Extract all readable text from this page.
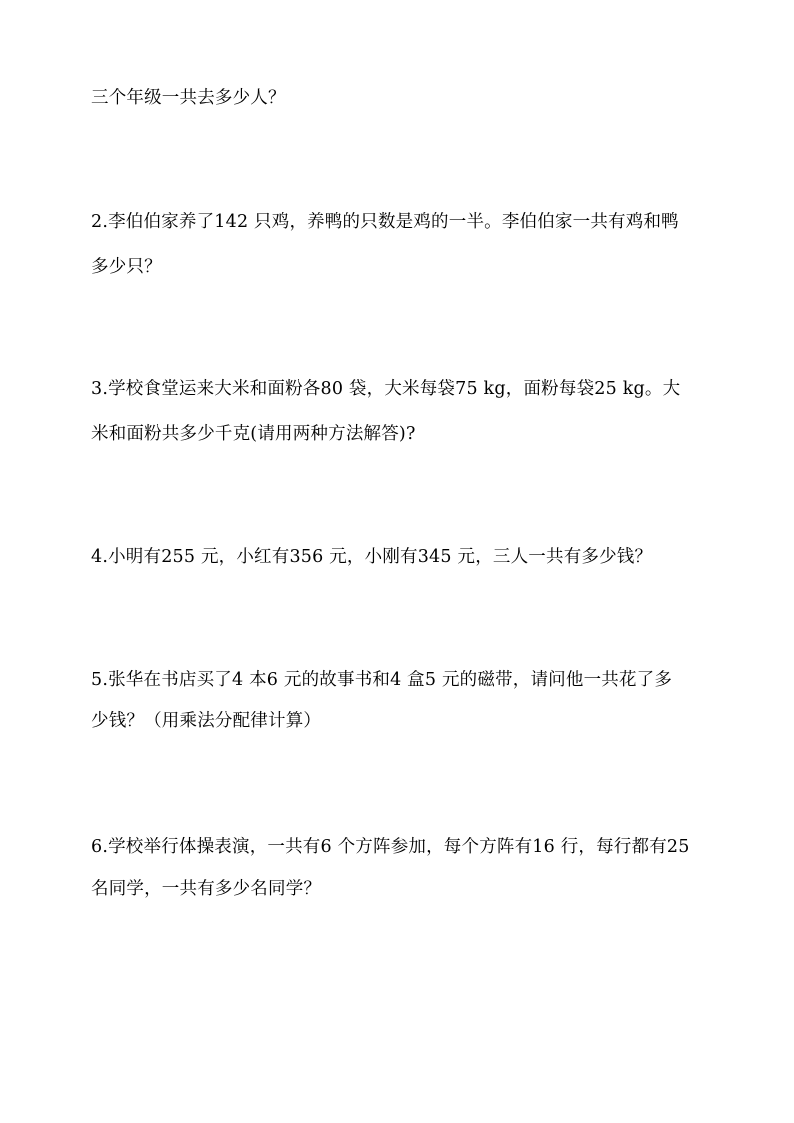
三个年级一共去多少人？
2.李伯伯家养了142 只鸡，养鸭的只数是鸡的一半。李伯伯家一共有鸡和鸭
多少只？
3.学校食堂运来大米和面粉各80 袋，大米每袋75 kg，面粉每袋25 kg。大
米和面粉共多少千克(请用两种方法解答)?
4.小明有255 元，小红有356 元，小刚有345 元，三人一共有多少钱？
5.张华在书店买了4 本6 元的故事书和4 盒5 元的磁带，请问他一共花了多
少钱？（用乘法分配律计算）
6.学校举行体操表演，一共有6 个方阵参加，每个方阵有16 行，每行都有25
名同学，一共有多少名同学？
